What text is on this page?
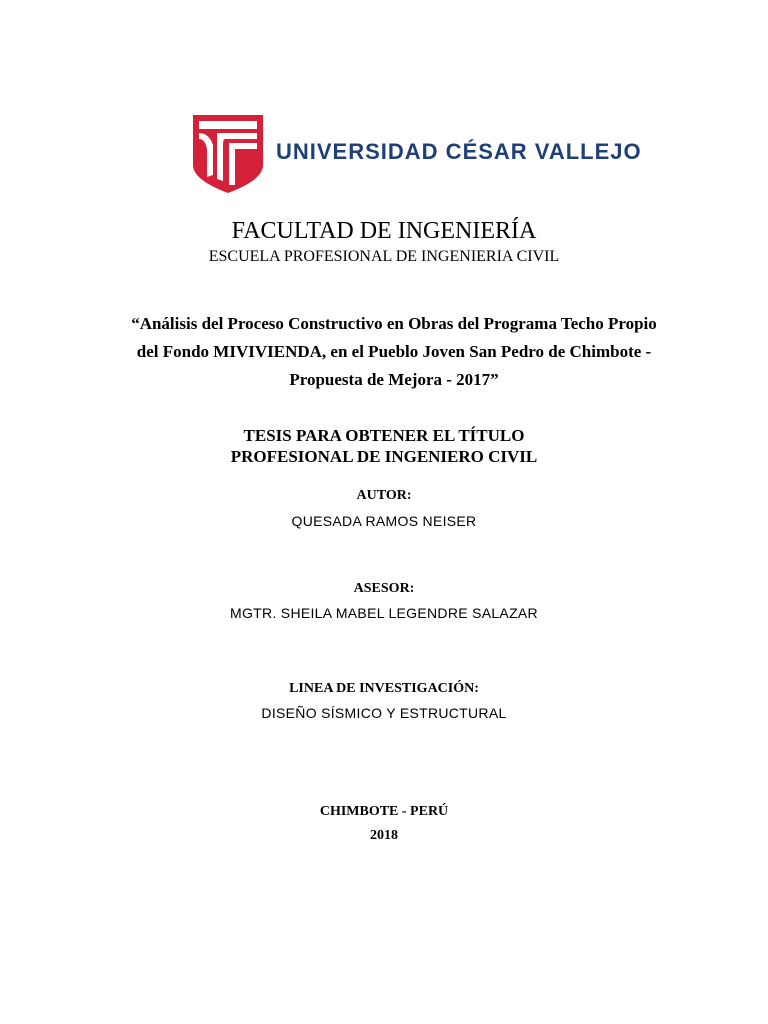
UNIVERSIDAD CÉSAR VALLEJO
FACULTAD DE INGENIERÍA
ESCUELA PROFESIONAL DE INGENIERIA CIVIL
“Análisis del Proceso Constructivo en Obras del Programa Techo Propio
del Fondo MIVIVIENDA, en el Pueblo Joven San Pedro de Chimbote -
Propuesta de Mejora - 2017”
TESIS PARA OBTENER EL TÍTULO
PROFESIONAL DE INGENIERO CIVIL
AUTOR:
QUESADA RAMOS NEISER
ASESOR:
MGTR. SHEILA MABEL LEGENDRE SALAZAR
LINEA DE INVESTIGACIÓN:
DISEÑO SÍSMICO Y ESTRUCTURAL
CHIMBOTE - PERÚ
2018
